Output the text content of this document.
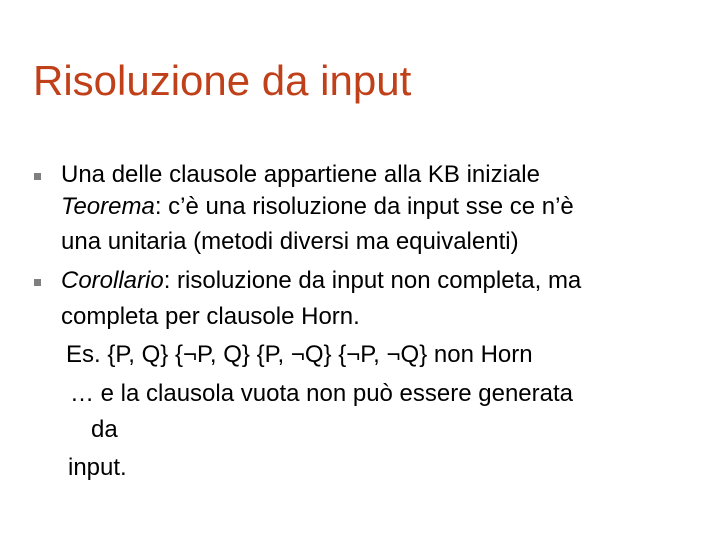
Risoluzione da input
Una delle clausole appartiene alla KB iniziale
Teorema: c’è una risoluzione da input sse ce n’è
una unitaria (metodi diversi ma equivalenti)
Corollario: risoluzione da input non completa, ma
completa per clausole Horn.
Es. {P, Q} {¬P, Q} {P, ¬Q} {¬P, ¬Q} non Horn
… e la clausola vuota non può essere generata
da
input.
